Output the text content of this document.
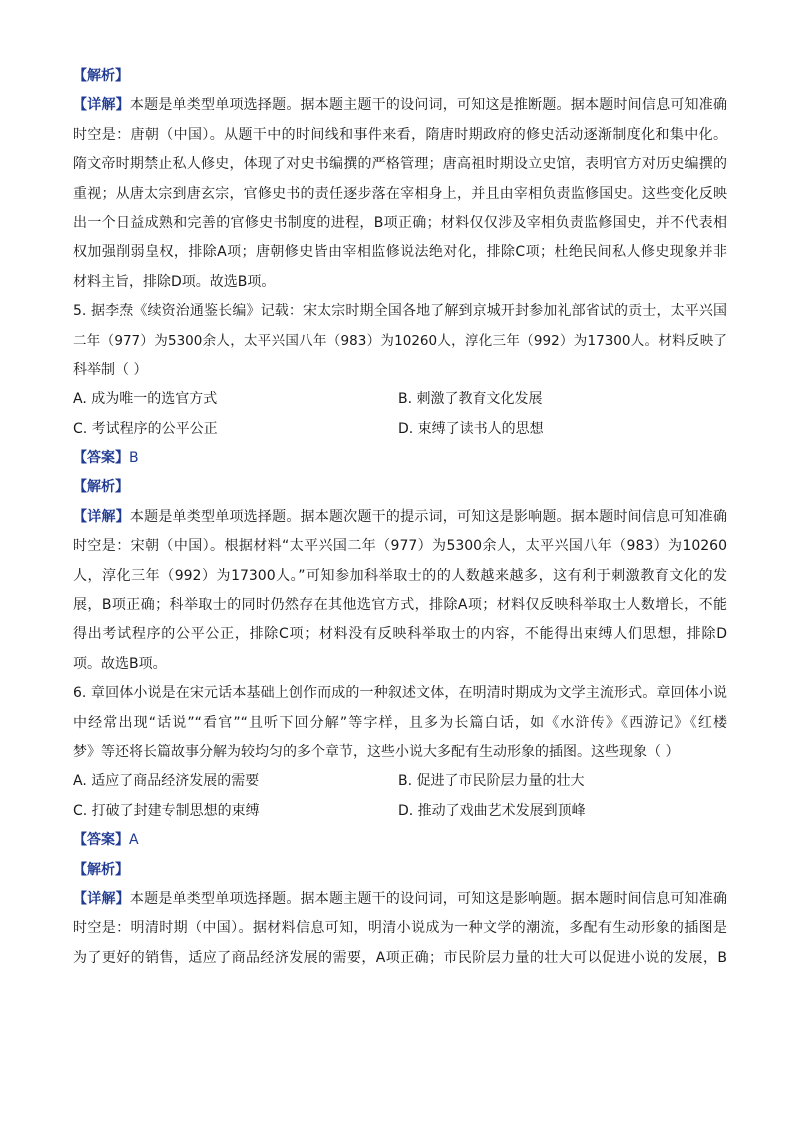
【解析】
【详解】本题是单类型单项选择题。据本题主题干的设问词，可知这是推断题。据本题时间信息可知准确
时空是：唐朝（中国）。从题干中的时间线和事件来看，隋唐时期政府的修史活动逐渐制度化和集中化。
隋文帝时期禁止私人修史，体现了对史书编撰的严格管理；唐高祖时期设立史馆，表明官方对历史编撰的
重视；从唐太宗到唐玄宗，官修史书的责任逐步落在宰相身上，并且由宰相负责监修国史。这些变化反映
出一个日益成熟和完善的官修史书制度的进程，B项正确；材料仅仅涉及宰相负责监修国史，并不代表相
权加强削弱皇权，排除A项；唐朝修史皆由宰相监修说法绝对化，排除C项；杜绝民间私人修史现象并非
材料主旨，排除D项。故选B项。
5. 据李焘《续资治通鉴长编》记载：宋太宗时期全国各地了解到京城开封参加礼部省试的贡士，太平兴国
二年（977）为5300余人，太平兴国八年（983）为10260人，淳化三年（992）为17300人。材料反映了
科举制（ ）
A. 成为唯一的选官方式	B. 刺激了教育文化发展
C. 考试程序的公平公正	D. 束缚了读书人的思想
【答案】B
【解析】
【详解】本题是单类型单项选择题。据本题次题干的提示词，可知这是影响题。据本题时间信息可知准确
时空是：宋朝（中国）。根据材料“太平兴国二年（977）为5300余人，太平兴国八年（983）为10260
人，淳化三年（992）为17300人。”可知参加科举取士的的人数越来越多，这有利于刺激教育文化的发
展，B项正确；科举取士的同时仍然存在其他选官方式，排除A项；材料仅反映科举取士人数增长，不能
得出考试程序的公平公正，排除C项；材料没有反映科举取士的内容，不能得出束缚人们思想，排除D
项。故选B项。
6. 章回体小说是在宋元话本基础上创作而成的一种叙述文体，在明清时期成为文学主流形式。章回体小说
中经常出现“话说”“看官”“且听下回分解”等字样，且多为长篇白话，如《水浒传》《西游记》《红楼
梦》等还将长篇故事分解为较均匀的多个章节，这些小说大多配有生动形象的插图。这些现象（ ）
A. 适应了商品经济发展的需要	B. 促进了市民阶层力量的壮大
C. 打破了封建专制思想的束缚	D. 推动了戏曲艺术发展到顶峰
【答案】A
【解析】
【详解】本题是单类型单项选择题。据本题主题干的设问词，可知这是影响题。据本题时间信息可知准确
时空是：明清时期（中国）。据材料信息可知，明清小说成为一种文学的潮流，多配有生动形象的插图是
为了更好的销售，适应了商品经济发展的需要，A项正确；市民阶层力量的壮大可以促进小说的发展，B
